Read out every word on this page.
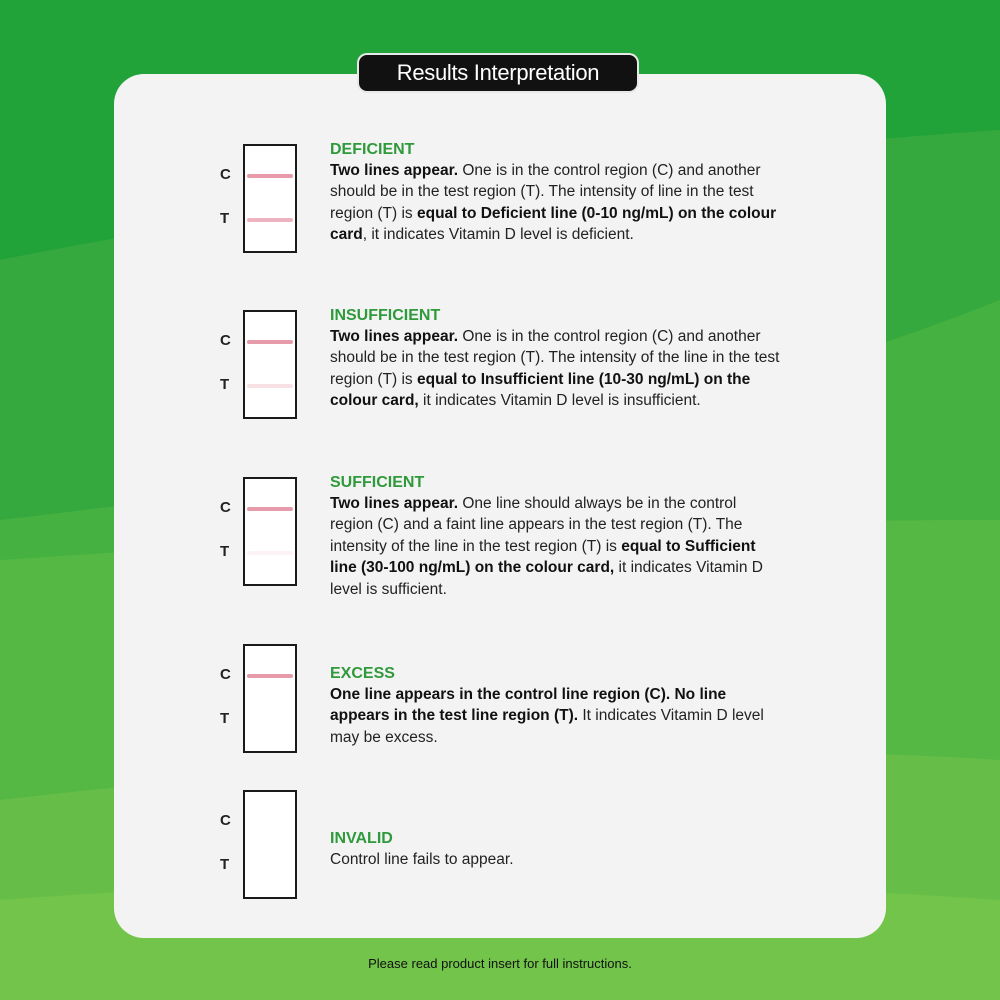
Results Interpretation
C
T
DEFICIENT
Two lines appear. One is in the control region (C) and another should be in the test region (T). The intensity of line in the test region (T) is equal to Deficient line (0-10 ng/mL) on the colour card, it indicates Vitamin D level is deficient.
C
T
INSUFFICIENT
Two lines appear. One is in the control region (C) and another should be in the test region (T). The intensity of the line in the test region (T) is equal to Insufficient line (10-30 ng/mL) on the colour card, it indicates Vitamin D level is insufficient.
C
T
SUFFICIENT
Two lines appear. One line should always be in the control region (C) and a faint line appears in the test region (T). The intensity of the line in the test region (T) is equal to Sufficient line (30-100 ng/mL) on the colour card, it indicates Vitamin D level is sufficient.
C
T
EXCESS
One line appears in the control line region (C). No line appears in the test line region (T). It indicates Vitamin D level may be excess.
C
T
INVALID
Control line fails to appear.
Please read product insert for full instructions.
